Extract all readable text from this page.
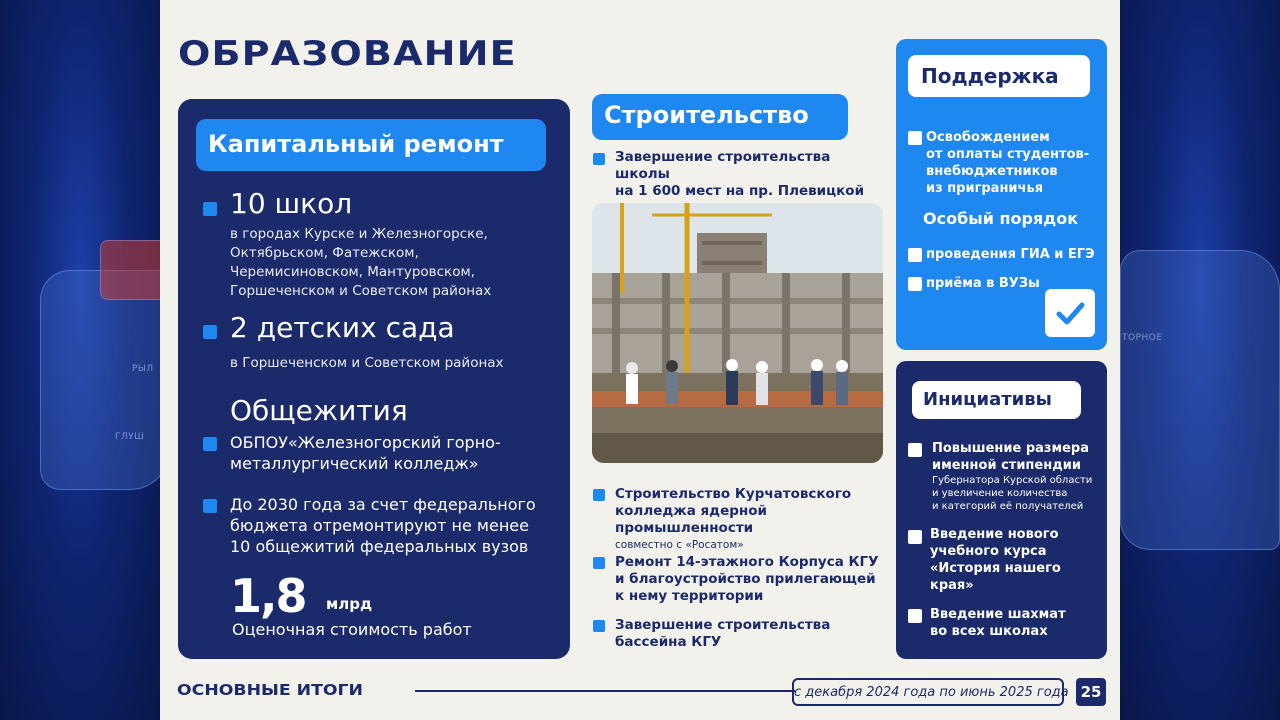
РЫЛ
ГЛУШ
ТОРНОЕ
ОБРАЗОВАНИЕ
Капитальный ремонт
10 школ
в городах Курске и Железногорске,
Октябрьском, Фатежском,
Черемисиновском, Мантуровском,
Горшеченском и Советском районах
2 детских сада
в Горшеченском и Советском районах
Общежития
ОБПОУ«Железногорский горно-
металлургический колледж»
До 2030 года за счет федерального
бюджета отремонтируют не менее
10 общежитий федеральных вузов
1,8 млрд
Оценочная стоимость работ
Строительство
Завершение строительства школы
на 1 600 мест на пр. Плевицкой
Строительство Курчатовского
колледжа ядерной промышленности
совместно с «Росатом»
Ремонт 14-этажного Корпуса КГУ
и благоустройство прилегающей
к нему территории
Завершение строительства
бассейна КГУ
Поддержка
Освобождением
от оплаты студентов-
внебюджетников
из приграничья
Особый порядок
проведения ГИА и ЕГЭ
приёма в ВУЗы
Инициативы
Повышение размера
именной стипендии
Губернатора Курской области
и увеличение количества
и категорий её получателей
Введение нового
учебного курса
«История нашего
края»
Введение шахмат
во всех школах
ОСНОВНЫЕ ИТОГИ	с декабря 2024 года по июнь 2025 года 25
